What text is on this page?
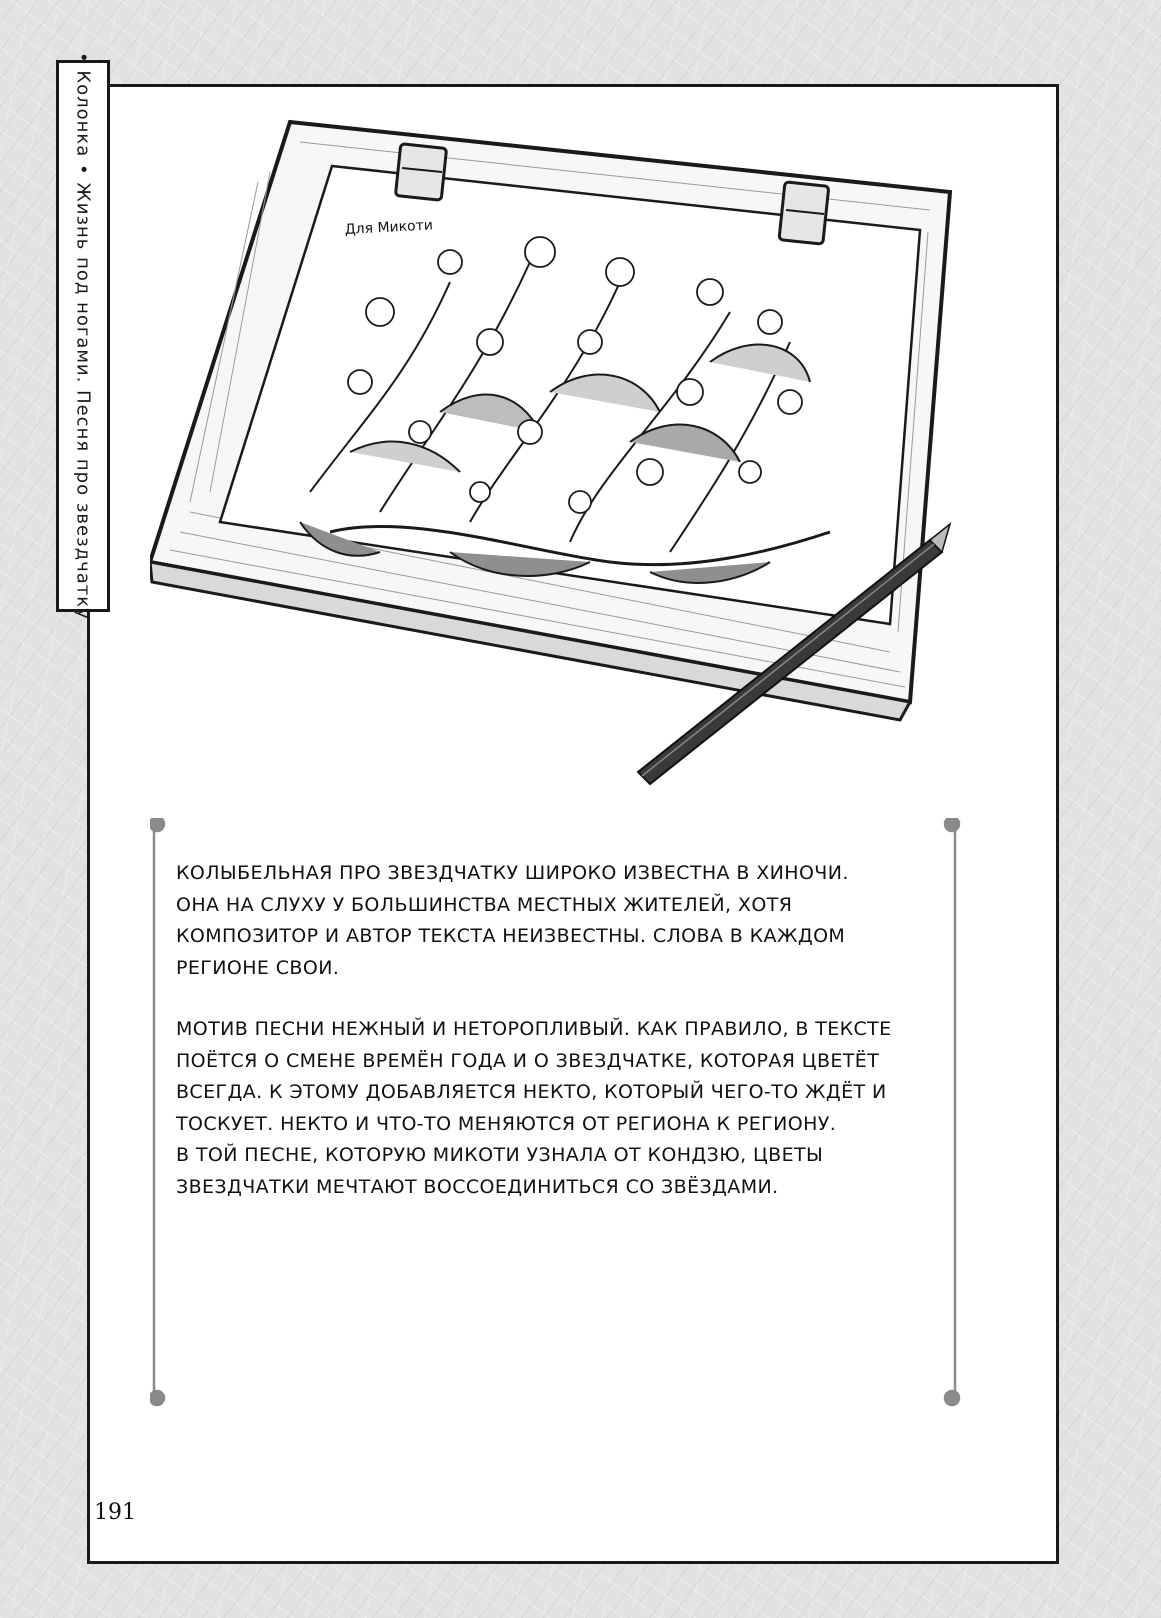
• Колонка • Жизнь под ногами. Песня про звездчатку	Для Микоти

КОЛЫБЕЛЬНАЯ ПРО ЗВЕЗДЧАТКУ ШИРОКО ИЗВЕСТНА В ХИНОЧИ.
ОНА НА СЛУХУ У БОЛЬШИНСТВА МЕСТНЫХ ЖИТЕЛЕЙ, ХОТЯ
КОМПОЗИТОР И АВТОР ТЕКСТА НЕИЗВЕСТНЫ. СЛОВА В КАЖДОМ
РЕГИОНЕ СВОИ.

МОТИВ ПЕСНИ НЕЖНЫЙ И НЕТОРОПЛИВЫЙ. КАК ПРАВИЛО, В ТЕКСТЕ
ПОЁТСЯ О СМЕНЕ ВРЕМЁН ГОДА И О ЗВЕЗДЧАТКЕ, КОТОРАЯ ЦВЕТЁТ
ВСЕГДА. К ЭТОМУ ДОБАВЛЯЕТСЯ НЕКТО, КОТОРЫЙ ЧЕГО-ТО ЖДЁТ И
ТОСКУЕТ. НЕКТО И ЧТО-ТО МЕНЯЮТСЯ ОТ РЕГИОНА К РЕГИОНУ.
В ТОЙ ПЕСНЕ, КОТОРУЮ МИКОТИ УЗНАЛА ОТ КОНДЗЮ, ЦВЕТЫ
ЗВЕЗДЧАТКИ МЕЧТАЮТ ВОССОЕДИНИТЬСЯ СО ЗВЁЗДАМИ.

191
